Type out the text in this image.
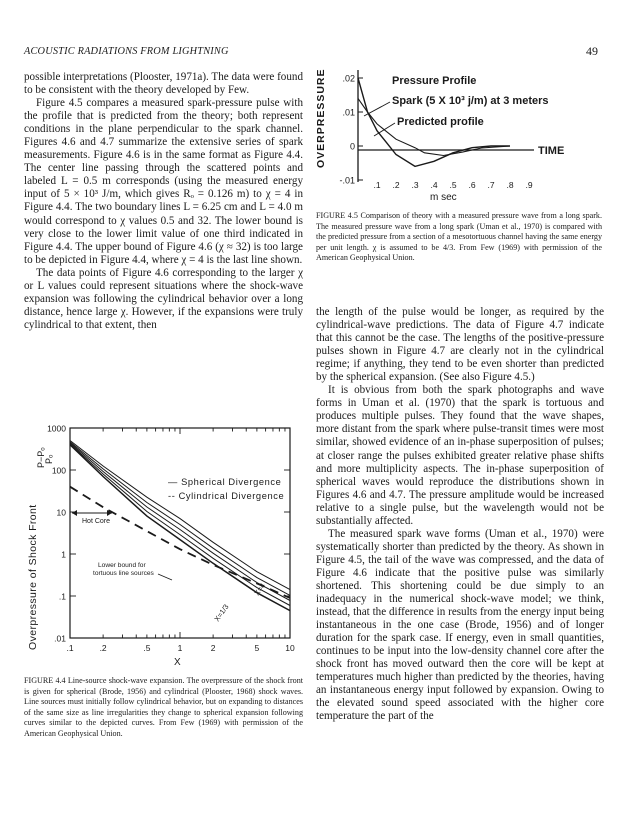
ACOUSTIC RADIATIONS FROM LIGHTNING	49

possible interpretations (Plooster, 1971a). The data were found to be consistent with the theory developed by Few.

Figure 4.5 compares a measured spark-pressure pulse with the profile that is predicted from the theory; both represent conditions in the plane perpendicular to the spark channel. Figures 4.6 and 4.7 summarize the extensive series of spark measurements. Figure 4.6 is in the same format as Figure 4.4. The center line passing through the scattered points and labeled L = 0.5 m corresponds (using the measured energy input of 5 × 10³ J/m, which gives Rₒ = 0.126 m) to χ = 4 in Figure 4.4. The two boundary lines L = 6.25 cm and L = 4.0 m would correspond to χ values 0.5 and 32. The lower bound is very close to the lower limit value of one third indicated in Figure 4.4. The upper bound of Figure 4.6 (χ ≈ 32) is too large to be depicted in Figure 4.4, where χ = 4 is the last line shown.

The data points of Figure 4.6 corresponding to the larger χ or L values could represent situations where the shock-wave expansion was following the cylindrical behavior over a long distance, hence large χ. However, if the expansions were truly cylindrical to that extent, then

OVERPRESSURE .02
.01
0
-.01 .1 .2 .3 .4 .5 .6 .7 .8 .9
m sec
TIME
Pressure Profile
Spark (5 X 10³ j/m) at 3 meters
Predicted profile
FIGURE 4.5 Comparison of theory with a measured pressure wave from a long spark. The measured pressure wave from a long spark (Uman et al., 1970) is compared with the predicted pressure from a section of a mesotortuous channel having the same energy per unit length. χ is assumed to be 4/3. From Few (1969) with permission of the American Geophysical Union.

the length of the pulse would be longer, as required by the cylindrical-wave predictions. The data of Figure 4.7 indicate that this cannot be the case. The lengths of the positive-pressure pulses shown in Figure 4.7 are clearly not in the cylindrical regime; if anything, they tend to be even shorter than predicted by the spherical expansion. (See also Figure 4.5.)

It is obvious from both the spark photographs and wave forms in Uman et al. (1970) that the spark is tortuous and produces multiple pulses. They found that the wave shapes, more distant from the spark where pulse-transit times were most similar, showed evidence of an in-phase superposition of pulses; at closer range the pulses exhibited greater relative phase shifts and more multiplicity aspects. The in-phase superposition of spherical waves would reproduce the distributions shown in Figures 4.6 and 4.7. The pressure amplitude would be increased relative to a single pulse, but the wavelength would not be substantially affected.

The measured spark wave forms (Uman et al., 1970) were systematically shorter than predicted by the theory. As shown in Figure 4.5, the tail of the wave was compressed, and the data of Figure 4.6 indicate that the positive pulse was similarly shortened. This shortening could be due simply to an inadequacy in the numerical shock-wave model; we think, instead, that the difference in results from the energy input being instantaneous in the one case (Brode, 1956) and of longer duration for the spark case. If energy, even in small quantities, continues to be input into the low-density channel core after the shock front has moved outward then the core will be kept at temperatures much higher than predicted by the theories, having an instantaneous energy input followed by expansion. Owing to the elevated sound speed associated with the higher core temperature the part of the

Overpressure of Shock Front
P−Pₒ
Pₒ
1000
100
10
1
.1
.01
.1	.2	.5	1	2	5	10
X
— Spherical Divergence
-- Cylindrical Divergence
Hot Core
Lower bound for
tortuous line sources
X=4
X=1/3
FIGURE 4.4 Line-source shock-wave expansion. The overpressure of the shock front is given for spherical (Brode, 1956) and cylindrical (Plooster, 1968) shock waves. Line sources must initially follow cylindrical behavior, but on expanding to distances of the same size as line irregularities they change to spherical expansion following curves similar to the depicted curves. From Few (1969) with permission of the American Geophysical Union.
